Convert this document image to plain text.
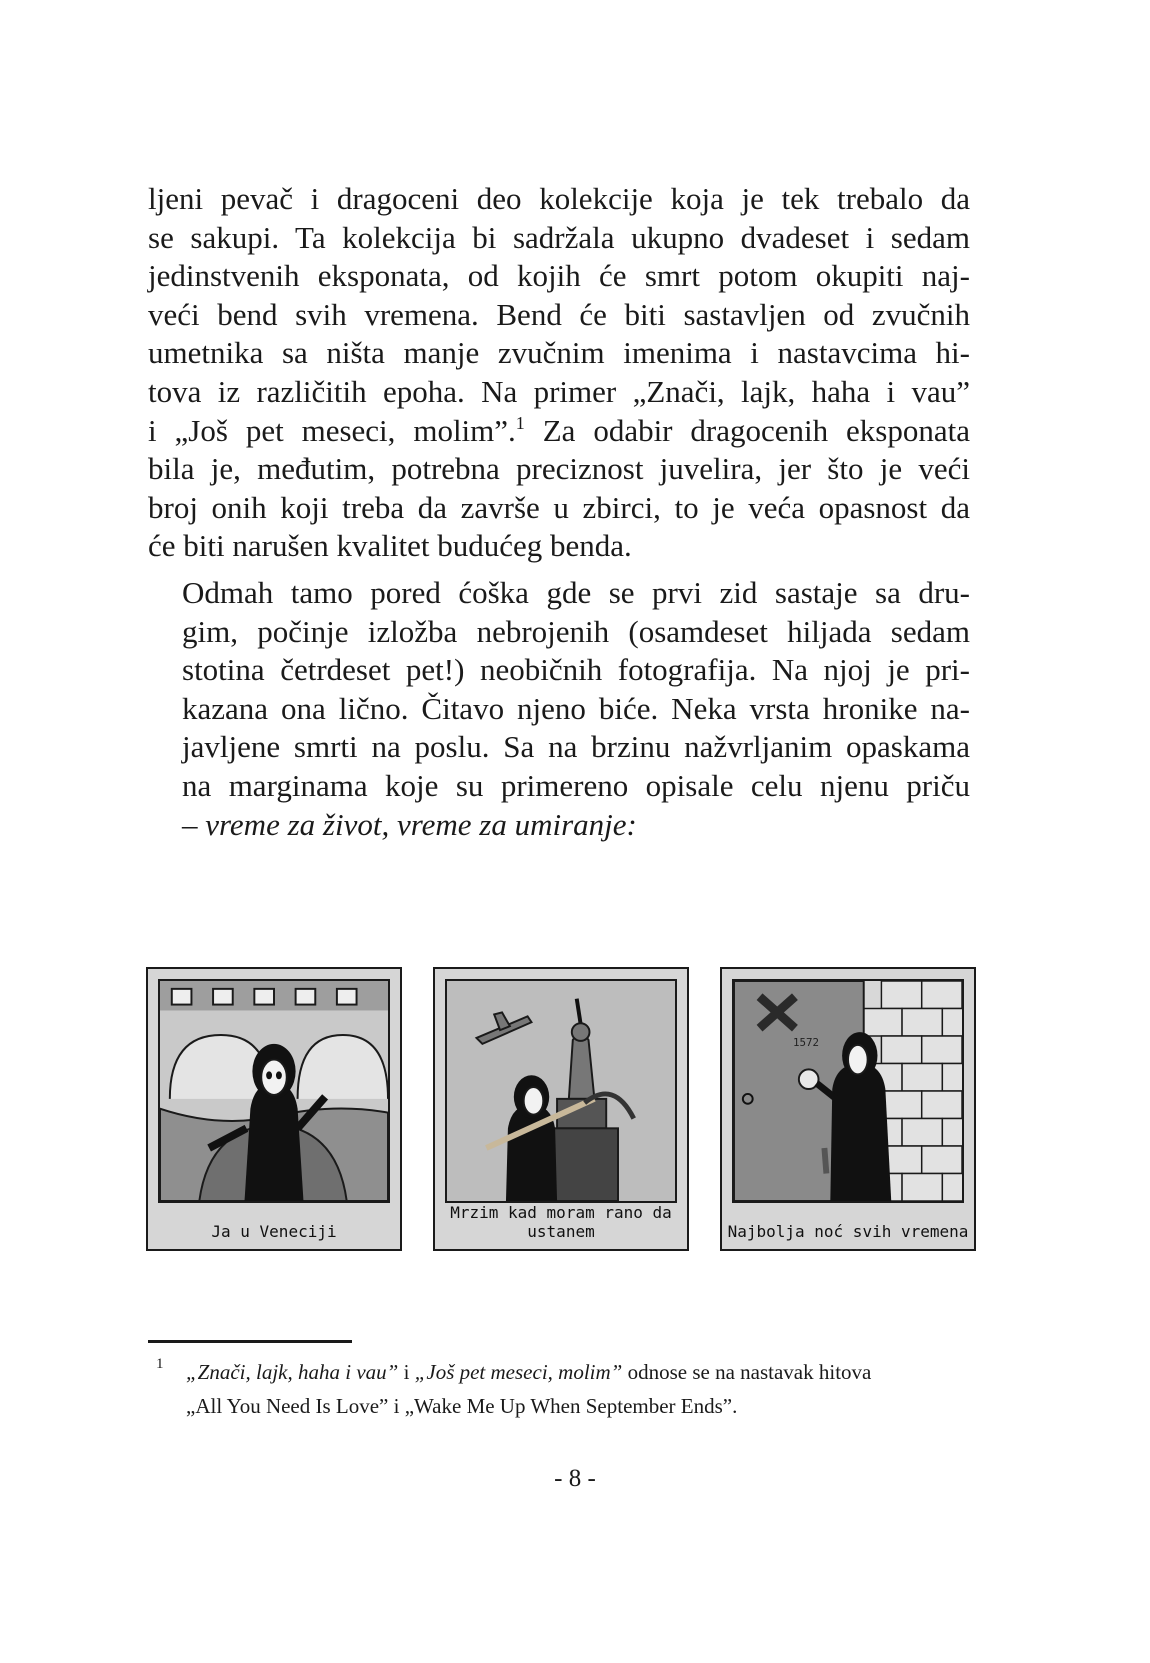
ljeni pevač i dragoceni deo kolekcije koja je tek trebalo da
se sakupi. Ta kolekcija bi sadržala ukupno dvadeset i sedam
jedinstvenih eksponata, od kojih će smrt potom okupiti naj-
veći bend svih vremena. Bend će biti sastavljen od zvučnih
umetnika sa ništa manje zvučnim imenima i nastavcima hi-
tova iz različitih epoha. Na primer „Znači, lajk, haha i vau”
i „Još pet meseci, molim”.$^1$ Za odabir dragocenih eksponata
bila je, međutim, potrebna preciznost juvelira, jer što je veći
broj onih koji treba da završe u zbirci, to je veća opasnost da
će biti narušen kvalitet budućeg benda.

Odmah tamo pored ćoška gde se prvi zid sastaje sa dru-
gim, počinje izložba nebrojenih (osamdeset hiljada sedam
stotina četrdeset pet!) neobičnih fotografija. Na njoj je pri-
kazana ona lično. Čitavo njeno biće. Neka vrsta hronike na-
javljene smrti na poslu. Sa na brzinu nažvrljanim opaskama
na marginama koje su primereno opisale celu njenu priču
– vreme za život, vreme za umiranje:

Ja u Veneciji
Mrzim kad moram rano da ustanem
1572
Najbolja noć svih vremena
1 „Znači, lajk, haha i vau” i „Još pet meseci, molim” odnose se na nastavak hitova
„All You Need Is Love” i „Wake Me Up When September Ends”.
- 8 -
